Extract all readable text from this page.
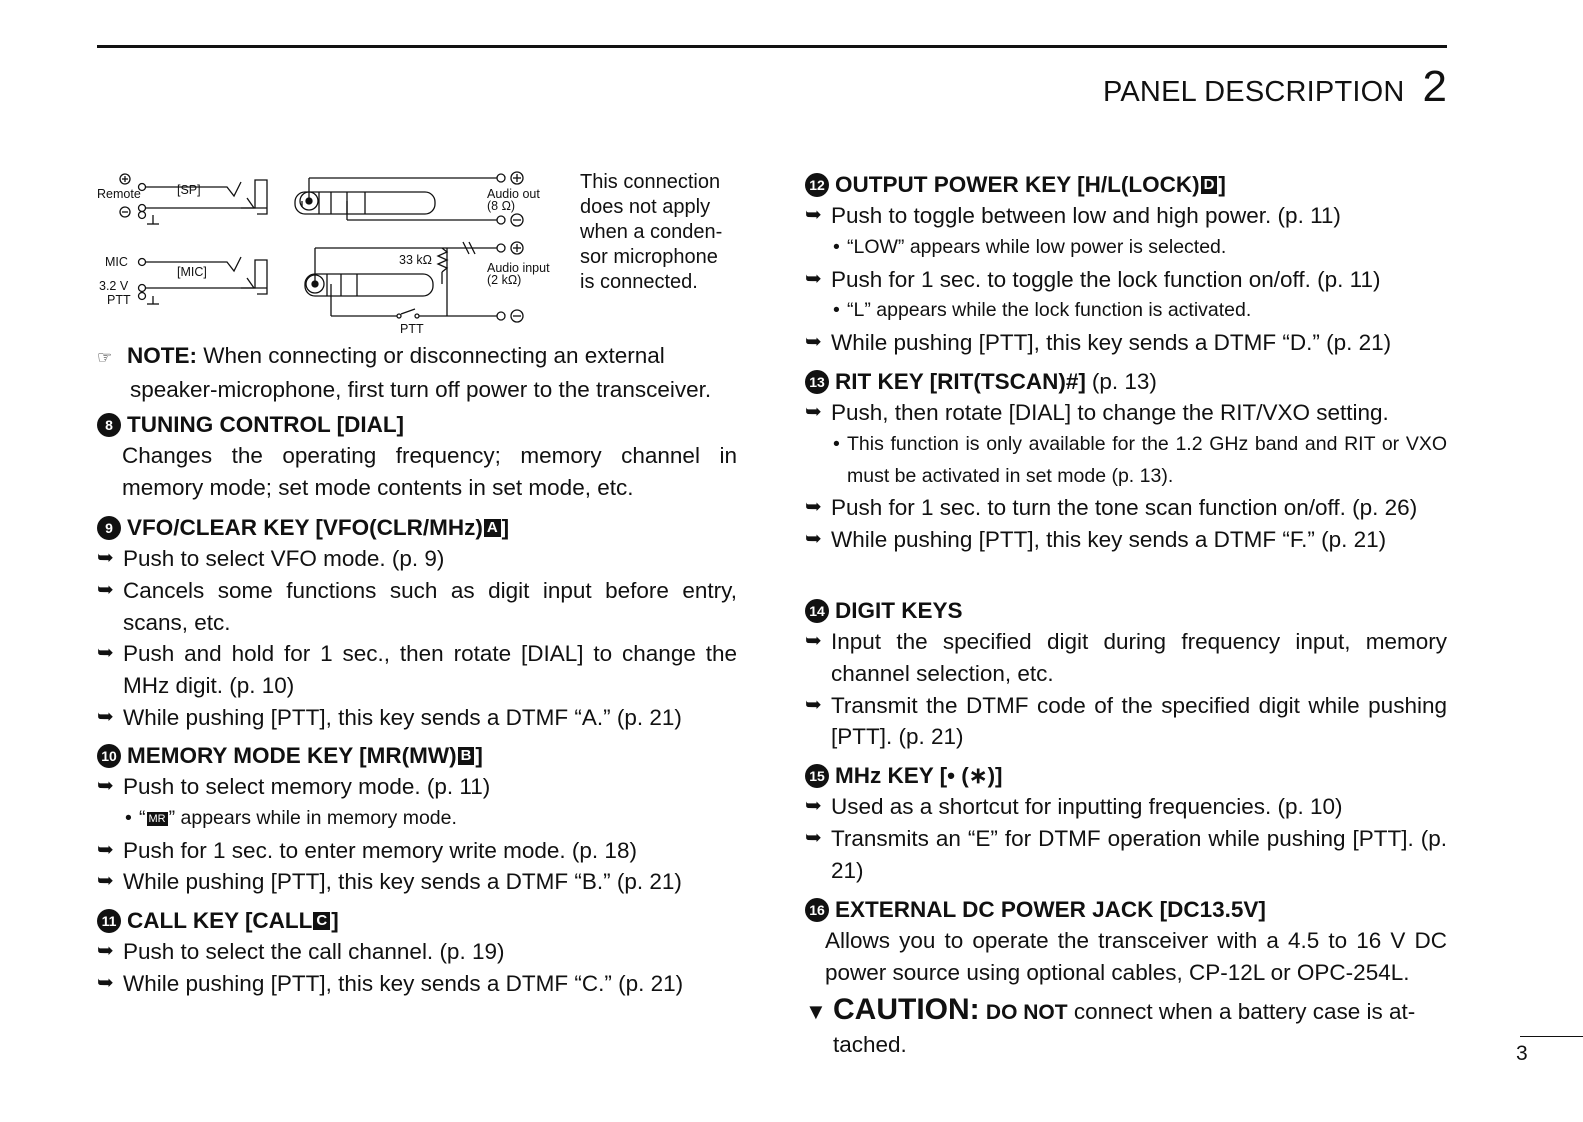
PANEL DESCRIPTION 2
Remote	[SP]	Audio out
(8 Ω)
MIC
[MIC]
3.2 V
PTT
33 kΩ
Audio input
(2 kΩ)
PTT
This connection
does not apply
when a conden-
sor microphone
is connected.
☞ NOTE: When connecting or disconnecting an external
speaker-microphone, first turn off power to the transceiver.
8 TUNING CONTROL [DIAL]
Changes the operating frequency; memory channel in memory mode; set mode contents in set mode, etc.
9 VFO/CLEAR KEY [VFO(CLR/MHz) A ]
➥ Push to select VFO mode. (p. 9)
➥ Cancels some functions such as digit input before entry, scans, etc.
➥ Push and hold for 1 sec., then rotate [DIAL] to change the MHz digit. (p. 10)
➥ While pushing [PTT], this key sends a DTMF “A.” (p. 21)
10 MEMORY MODE KEY [MR(MW) B ]
➥ Push to select memory mode. (p. 11)
• “ MR ” appears while in memory mode.
➥ Push for 1 sec. to enter memory write mode. (p. 18)
➥ While pushing [PTT], this key sends a DTMF “B.” (p. 21)
11 CALL KEY [CALL C ]
➥ Push to select the call channel. (p. 19)
➥ While pushing [PTT], this key sends a DTMF “C.” (p. 21)
12 OUTPUT POWER KEY [H/L(LOCK) D ]
➥ Push to toggle between low and high power. (p. 11)
• “LOW” appears while low power is selected.
➥ Push for 1 sec. to toggle the lock function on/off. (p. 11)
• “L” appears while the lock function is activated.
➥ While pushing [PTT], this key sends a DTMF “D.” (p. 21)
13 RIT KEY [RIT(TSCAN)#] (p. 13)
➥ Push, then rotate [DIAL] to change the RIT/VXO setting.
• This function is only available for the 1.2 GHz band and RIT or VXO must be activated in set mode (p. 13).
➥ Push for 1 sec. to turn the tone scan function on/off. (p. 26)
➥ While pushing [PTT], this key sends a DTMF “F.” (p. 21)
14 DIGIT KEYS
➥ Input the specified digit during frequency input, memory channel selection, etc.
➥ Transmit the DTMF code of the specified digit while pushing [PTT]. (p. 21)
15 MHz KEY [• (∗)]
➥ Used as a shortcut for inputting frequencies. (p. 10)
➥ Transmits an “E” for DTMF operation while pushing [PTT]. (p. 21)
16 EXTERNAL DC POWER JACK [DC13.5V]
Allows you to operate the transceiver with a 4.5 to 16 V DC power source using optional cables, CP-12L or OPC-254L.
▼ CAUTION: DO NOT connect when a battery case is at-
tached.	3
